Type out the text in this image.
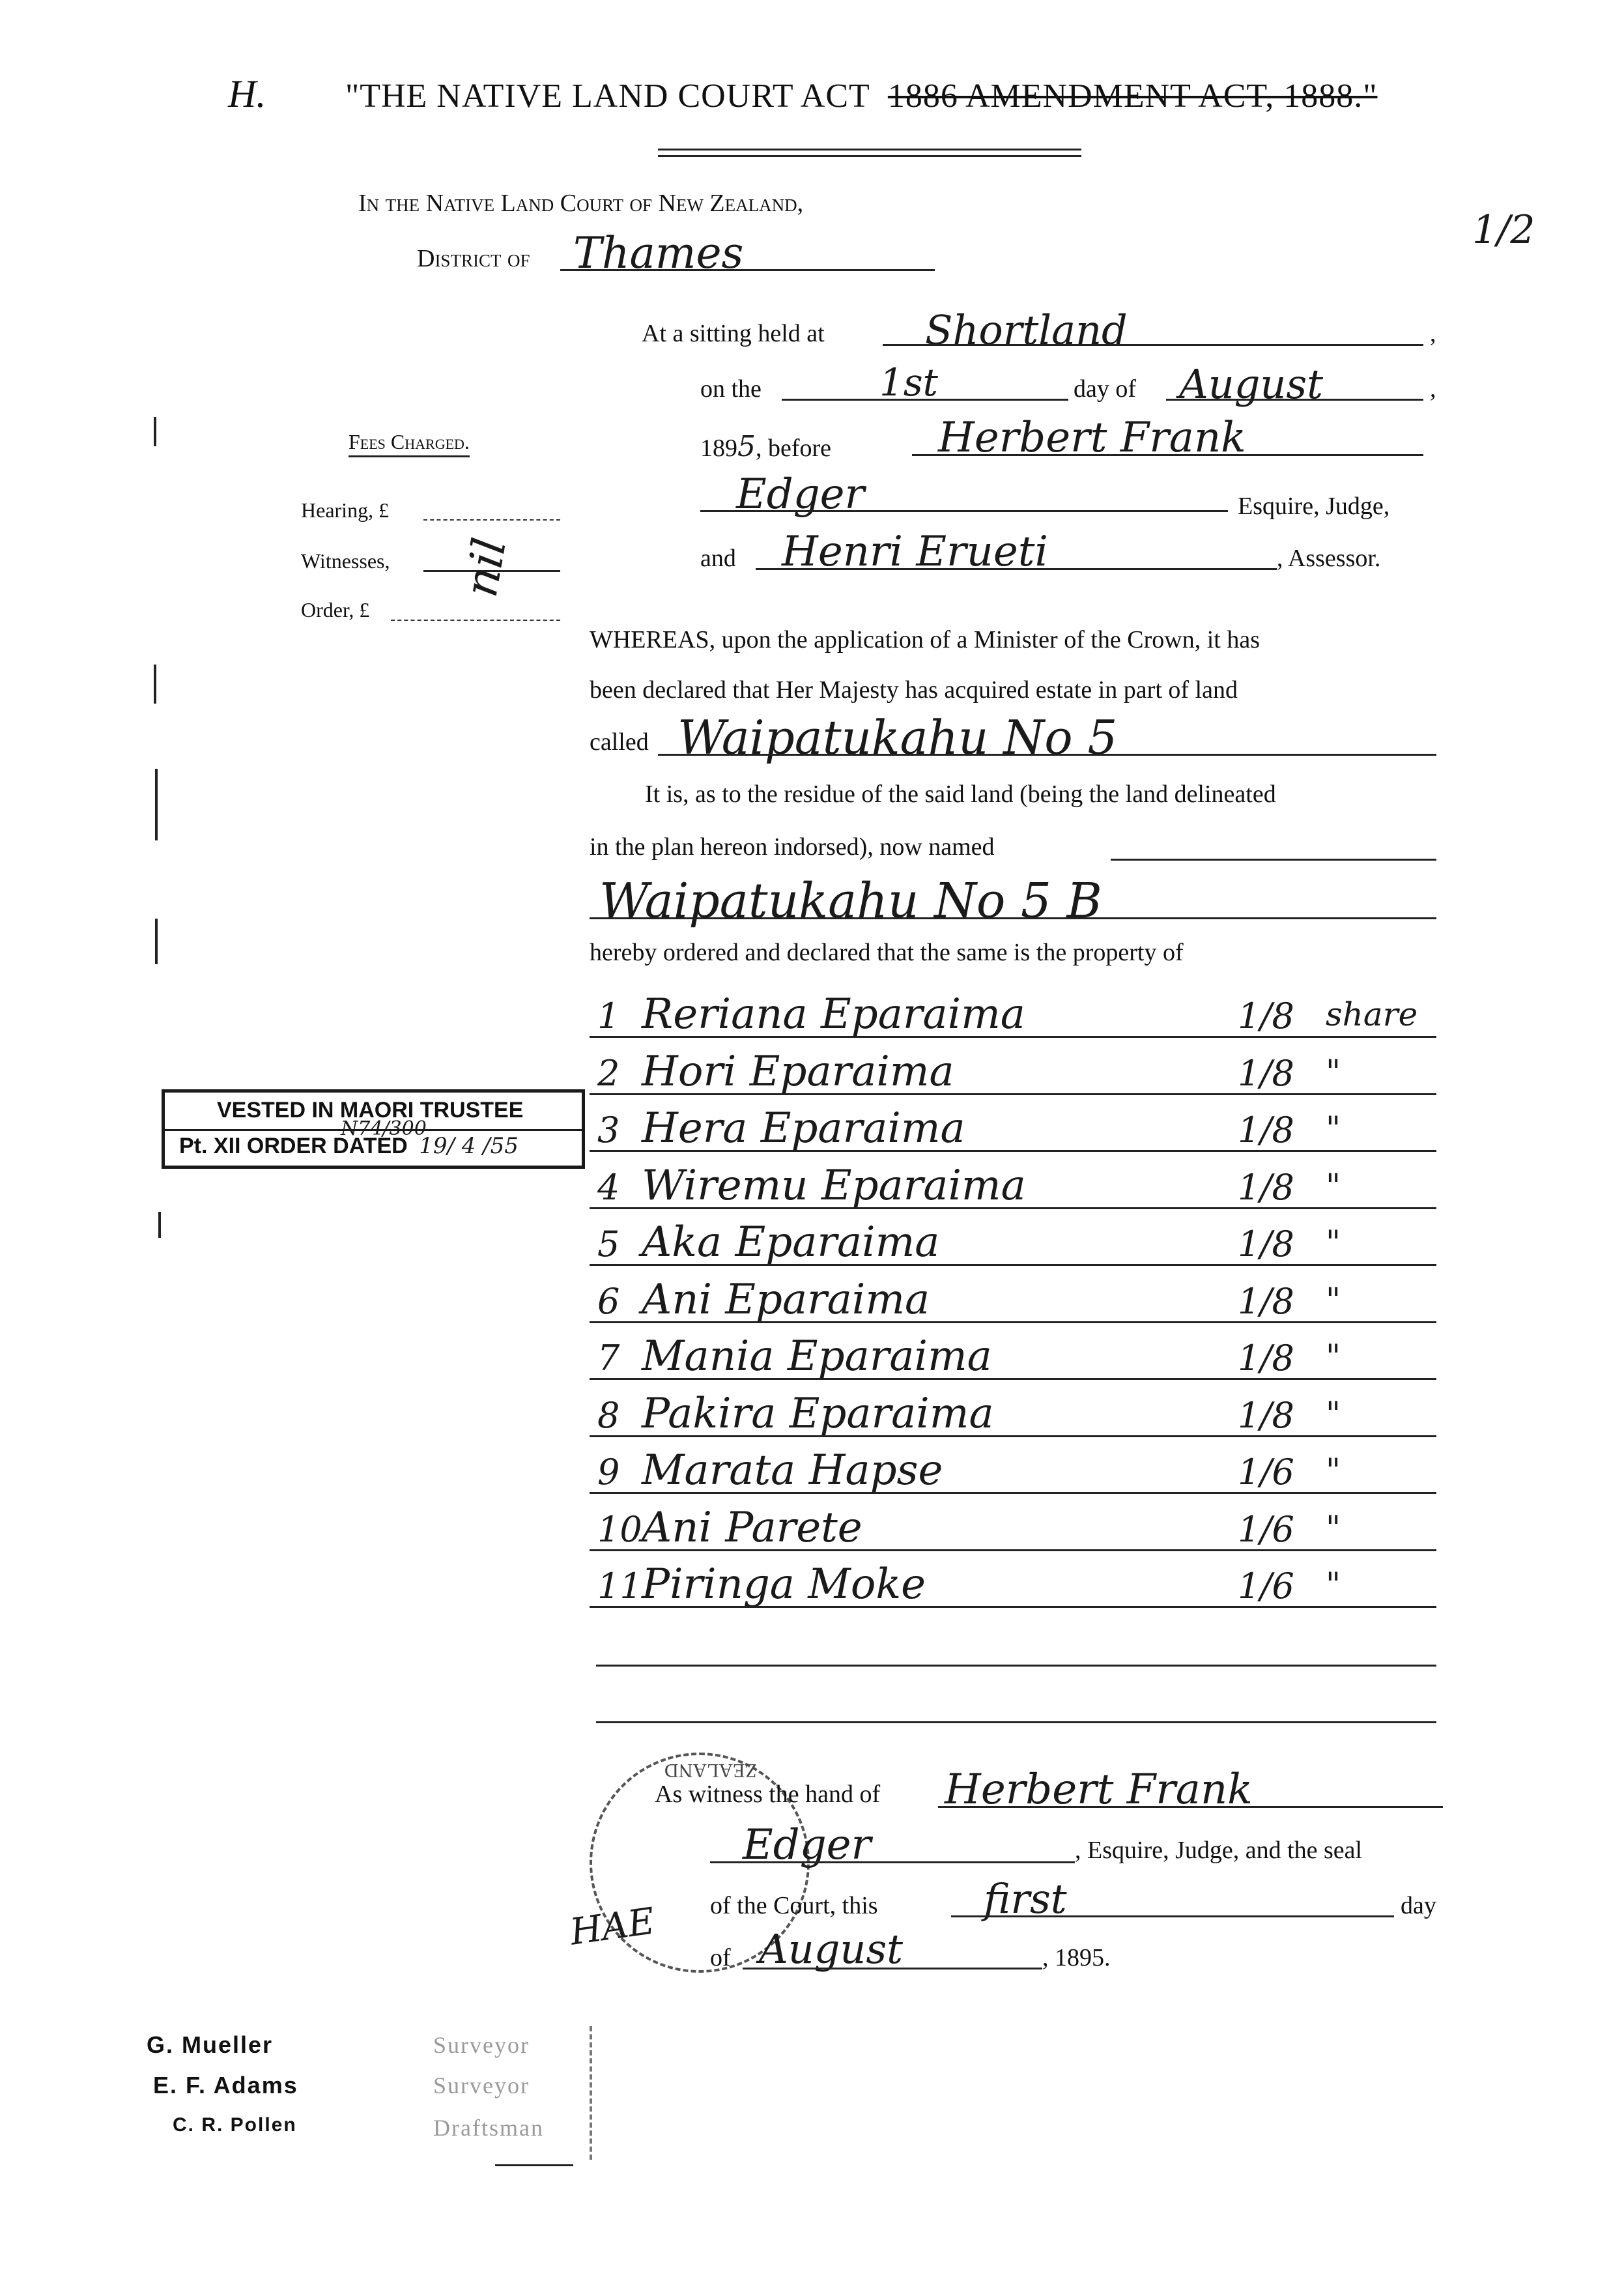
H. "THE NATIVE LAND COURT ACT 1886 AMENDMENT ACT, 1888."
1/2
In the Native Land Court of New Zealand,
District of Thames
At a sitting held at Shortland	,
on the	1st	day of August	,
1895, before	Herbert Frank
Edger	Esquire, Judge,
and Henri Erueti	, Assessor.
Fees Charged.
Hearing, £
Witnesses,
Order, £
nil
WHEREAS, upon the application of a Minister of the Crown, it has
been declared that Her Majesty has acquired estate in part of land
called Waipatukahu No 5
It is, as to the residue of the said land (being the land delineated
in the plan hereon indorsed), now named
Waipatukahu No 5 B
hereby ordered and declared that the same is the property of
1 Reriana Eparaima	1/8 share
2 Hori Eparaima	1/8 "
3 Hera Eparaima	1/8 "
4 Wiremu Eparaima	1/8 "
5 Aka Eparaima	1/8 "
6 Ani Eparaima	1/8 "
7 Mania Eparaima	1/8 "
8 Pakira Eparaima	1/8 "
9 Marata Hapse	1/6 "
10 Ani Parete	1/6 "
11 Piringa Moke	1/6 "
VESTED IN MAORI TRUSTEE
Pt. XII ORDER DATED 19/ 4 /55
N74/300
ZEALAND
As witness the hand of Herbert Frank
Edger	, Esquire, Judge, and the seal
of the Court, this	first	day
of August	, 1895.
HAE
G. Mueller	Surveyor
E. F. Adams	Surveyor
C. R. Pollen	Draftsman
